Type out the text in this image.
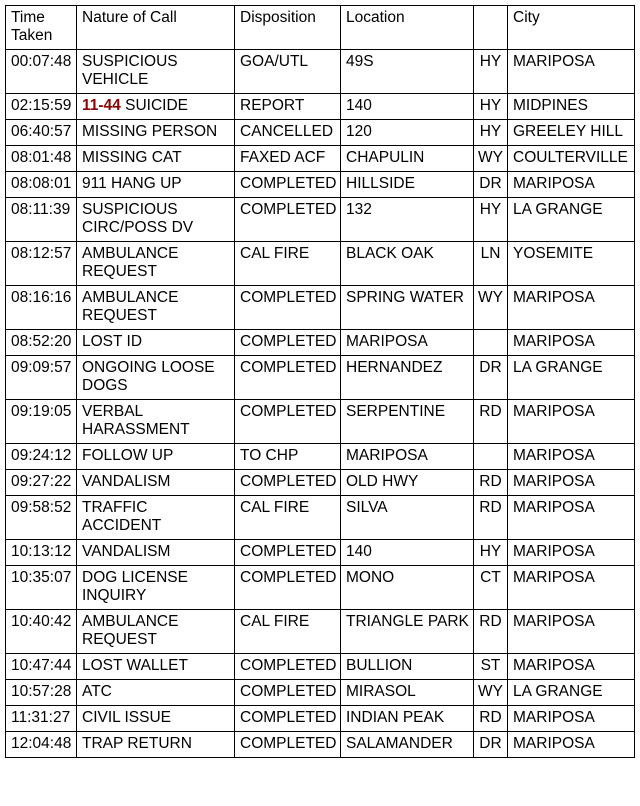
Time Taken	Nature of Call	Disposition	Location		City
00:07:48	SUSPICIOUS VEHICLE	GOA/UTL	49S	HY	MARIPOSA
02:15:59	11-44 SUICIDE	REPORT	140	HY	MIDPINES
06:40:57	MISSING PERSON	CANCELLED	120	HY	GREELEY HILL
08:01:48	MISSING CAT	FAXED ACF	CHAPULIN	WY	COULTERVILLE
08:08:01	911 HANG UP	COMPLETED	HILLSIDE	DR	MARIPOSA
08:11:39	SUSPICIOUS CIRC/POSS DV	COMPLETED	132	HY	LA GRANGE
08:12:57	AMBULANCE REQUEST	CAL FIRE	BLACK OAK	LN	YOSEMITE
08:16:16	AMBULANCE REQUEST	COMPLETED	SPRING WATER	WY	MARIPOSA
08:52:20	LOST ID	COMPLETED	MARIPOSA		MARIPOSA
09:09:57	ONGOING LOOSE DOGS	COMPLETED	HERNANDEZ	DR	LA GRANGE
09:19:05	VERBAL HARASSMENT	COMPLETED	SERPENTINE	RD	MARIPOSA
09:24:12	FOLLOW UP	TO CHP	MARIPOSA		MARIPOSA
09:27:22	VANDALISM	COMPLETED	OLD HWY	RD	MARIPOSA
09:58:52	TRAFFIC ACCIDENT	CAL FIRE	SILVA	RD	MARIPOSA
10:13:12	VANDALISM	COMPLETED	140	HY	MARIPOSA
10:35:07	DOG LICENSE INQUIRY	COMPLETED	MONO	CT	MARIPOSA
10:40:42	AMBULANCE REQUEST	CAL FIRE	TRIANGLE PARK	RD	MARIPOSA
10:47:44	LOST WALLET	COMPLETED	BULLION	ST	MARIPOSA
10:57:28	ATC	COMPLETED	MIRASOL	WY	LA GRANGE
11:31:27	CIVIL ISSUE	COMPLETED	INDIAN PEAK	RD	MARIPOSA
12:04:48	TRAP RETURN	COMPLETED	SALAMANDER	DR	MARIPOSA
